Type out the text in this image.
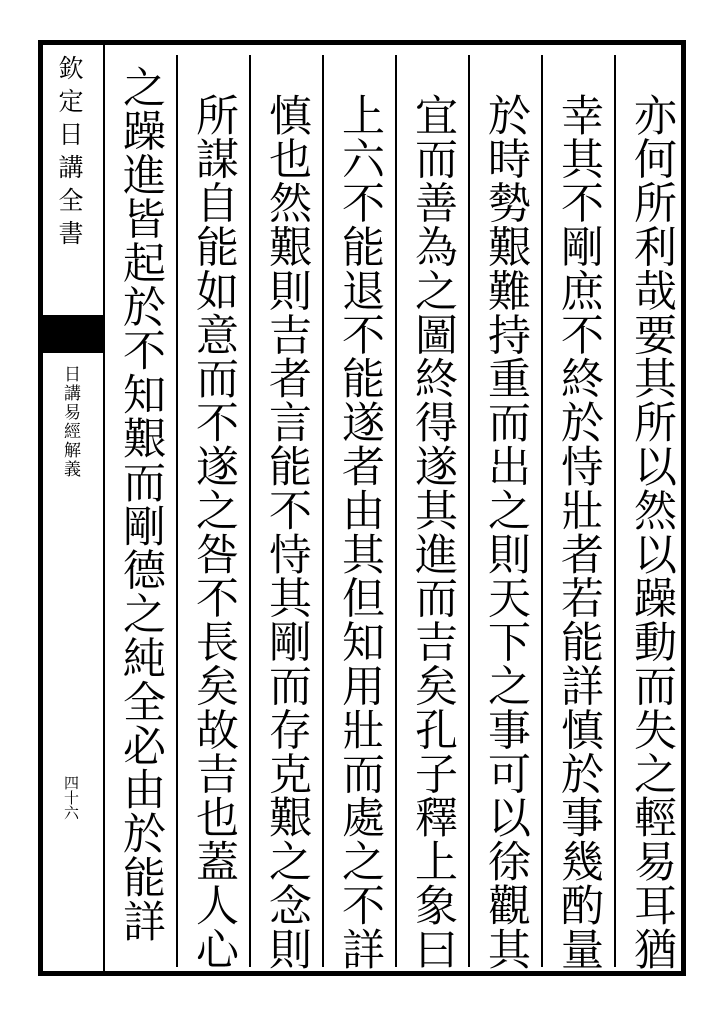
欽定日講全書
日講易經解義
四十六 之躁進皆起於不知艱而剛德之純全必由於能詳 所謀自能如意而不遂之咎不長矣故吉也蓋人心 慎也然艱則吉者言能不恃其剛而存克艱之念則 上六不能退不能遂者由其但知用壯而處之不詳 宜而善為之圖終得遂其進而吉矣孔子釋上象曰 於時勢艱難持重而出之則天下之事可以徐觀其 幸其不剛庶不終於恃壯者若能詳慎於事幾酌量 亦何所利哉要其所以然以躁動而失之輕易耳猶
